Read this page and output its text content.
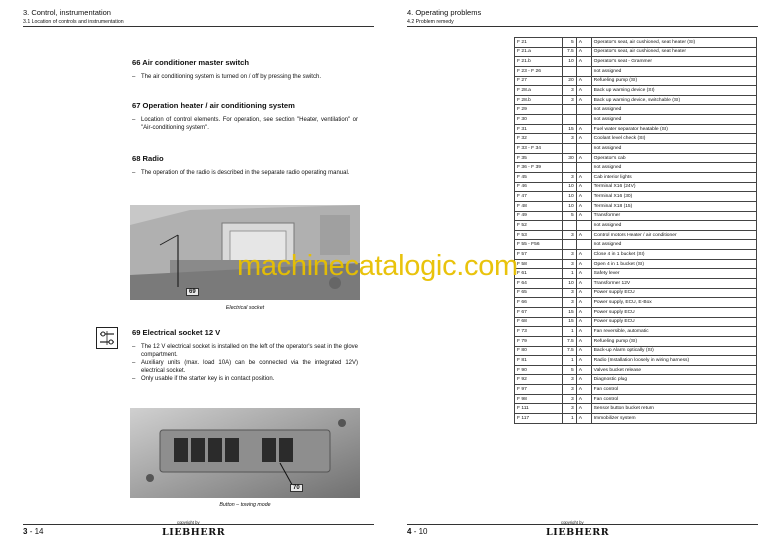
3. Control, instrumentation
3.1 Location of controls and instrumentation
66 Air conditioner master switch
– The air conditioning system is turned on / off by pressing the switch.
67 Operation heater / air conditioning system
– Location of control elements. For operation, see section "Heater, ventilation" or "Air-conditioning system".
68 Radio
– The operation of the radio is described in the separate radio operating manual.
69
Electrical socket
69 Electrical socket 12 V
– The 12 V electrical socket is installed on the left of the operator's seat in the glove compartment.
– Auxiliary units (max. load 10A) can be connected via the integrated 12V) electrical socket.
– Only usable if the starter key is in contact position.
70
Button – towing mode
3 - 14
copyright by
LIEBHERR
4. Operating problems
4.2 Problem remedy
F 21	5	A	Operator's seat, air cushioned, seat heater (SI)
F 21.a	7.5	A	Operator's seat, air cushioned, seat heater
F 21.b	10	A	Operator's seat - Grammer
F 23 - F 26			not assigned
F 27	20	A	Refueling pump (SI)
F 28.a	3	A	Back up warning device (SI)
F 28.b	3	A	Back up warning device, switchable (SI)
F 29			not assigned
F 30			not assigned
F 31	15	A	Fuel water separator heatable (SI)
F 32	3	A	Coolant level check (SI)
F 33 - F 34			not assigned
F 35	30	A	Operator's cab
F 36 - F 39			not assigned
F 45	3	A	Cab interior lights
F 46	10	A	Terminal X16 (24V)
F 47	10	A	Terminal X16 (30)
F 48	10	A	Terminal X18 (15)
F 49	5	A	Transformer
F 52			not assigned
F 53	3	A	Control motors Heater / air conditioner
F 55 - F56			not assigned
F 57	3	A	Close 4 in 1 bucket (SI)
F 58	3	A	Open 4 in 1 bucket (SI)
F 61	1	A	Safety lever
F 64	10	A	Transformer 12V
F 65	3	A	Power supply ECU
F 66	3	A	Power supply, ECU, E-Box
F 67	15	A	Power supply ECU
F 68	15	A	Power supply ECU
F 73	1	A	Fan reversible, automatic
F 79	7.5	A	Refueling pump (SI)
F 80	7.5	A	Back-up Alarm optically (SI)
F 81	1	A	Radio (Installation loosely in wiring harness)
F 90	5	A	Valves bucket release
F 92	3	A	Diagnostic plug
F 97	3	A	Fan control
F 98	3	A	Fan control
F 111	3	A	Sensor button bucket return
F 117	1	A	Immobilizer system
4 - 10
copyright by
LIEBHERR
machinecatalogic.com
